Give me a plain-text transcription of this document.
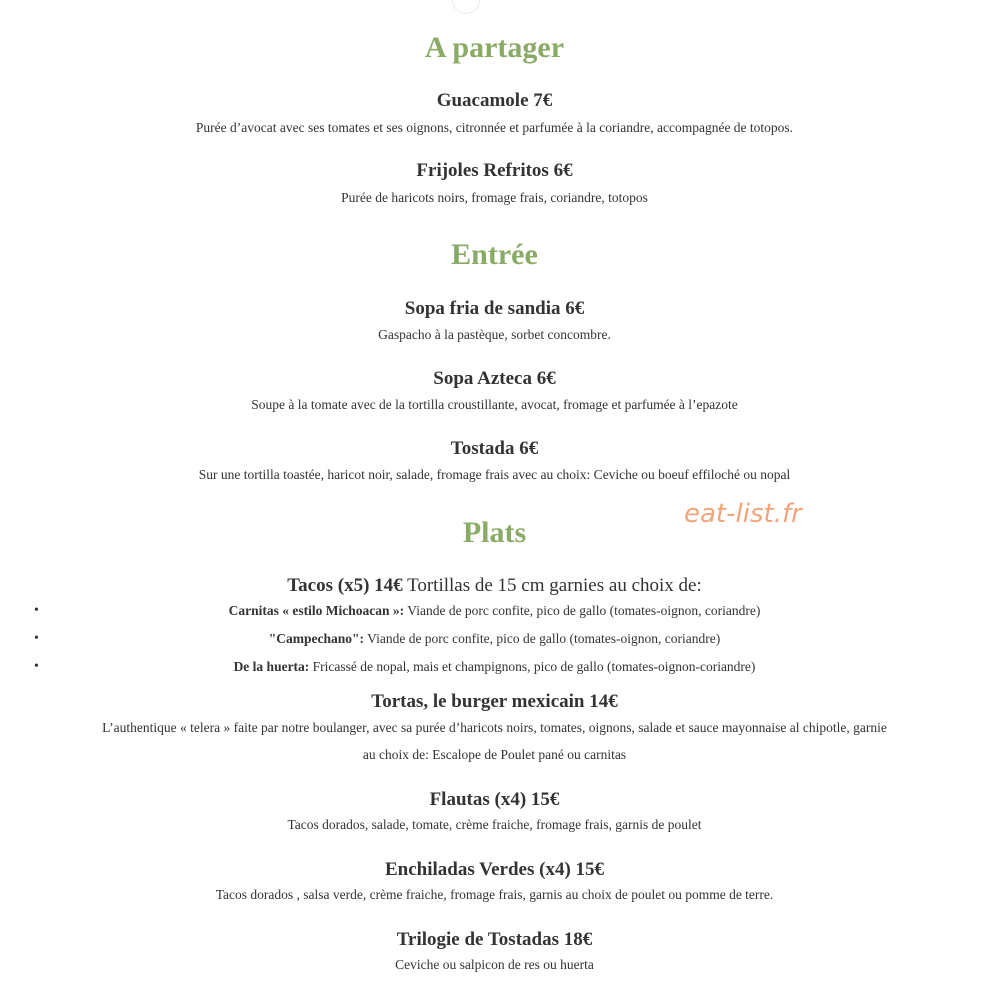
A partager
Guacamole 7€
Purée d’avocat avec ses tomates et ses oignons, citronnée et parfumée à la coriandre, accompagnée de totopos.
Frijoles Refritos 6€
Purée de haricots noirs, fromage frais, coriandre, totopos
Entrée
Sopa fria de sandia 6€
Gaspacho à la pastèque, sorbet concombre.
Sopa Azteca 6€
Soupe à la tomate avec de la tortilla croustillante, avocat, fromage et parfumée à l’epazote
Tostada 6€
Sur une tortilla toastée, haricot noir, salade, fromage frais avec au choix: Ceviche ou boeuf effiloché ou nopal
eat-list.fr
Plats
Tacos (x5) 14€ Tortillas de 15 cm garnies au choix de:
•	Carnitas « estilo Michoacan »: Viande de porc confite, pico de gallo (tomates-oignon, coriandre)
•	"Campechano": Viande de porc confite, pico de gallo (tomates-oignon, coriandre)
•	De la huerta: Fricassé de nopal, mais et champignons, pico de gallo (tomates-oignon-coriandre)
Tortas, le burger mexicain 14€
L’authentique « telera » faite par notre boulanger, avec sa purée d’haricots noirs, tomates, oignons, salade et sauce mayonnaise al chipotle, garnie
au choix de: Escalope de Poulet pané ou carnitas
Flautas (x4) 15€
Tacos dorados, salade, tomate, crème fraiche, fromage frais, garnis de poulet
Enchiladas Verdes (x4) 15€
Tacos dorados , salsa verde, crème fraiche, fromage frais, garnis au choix de poulet ou pomme de terre.
Trilogie de Tostadas 18€
Ceviche ou salpicon de res ou huerta
